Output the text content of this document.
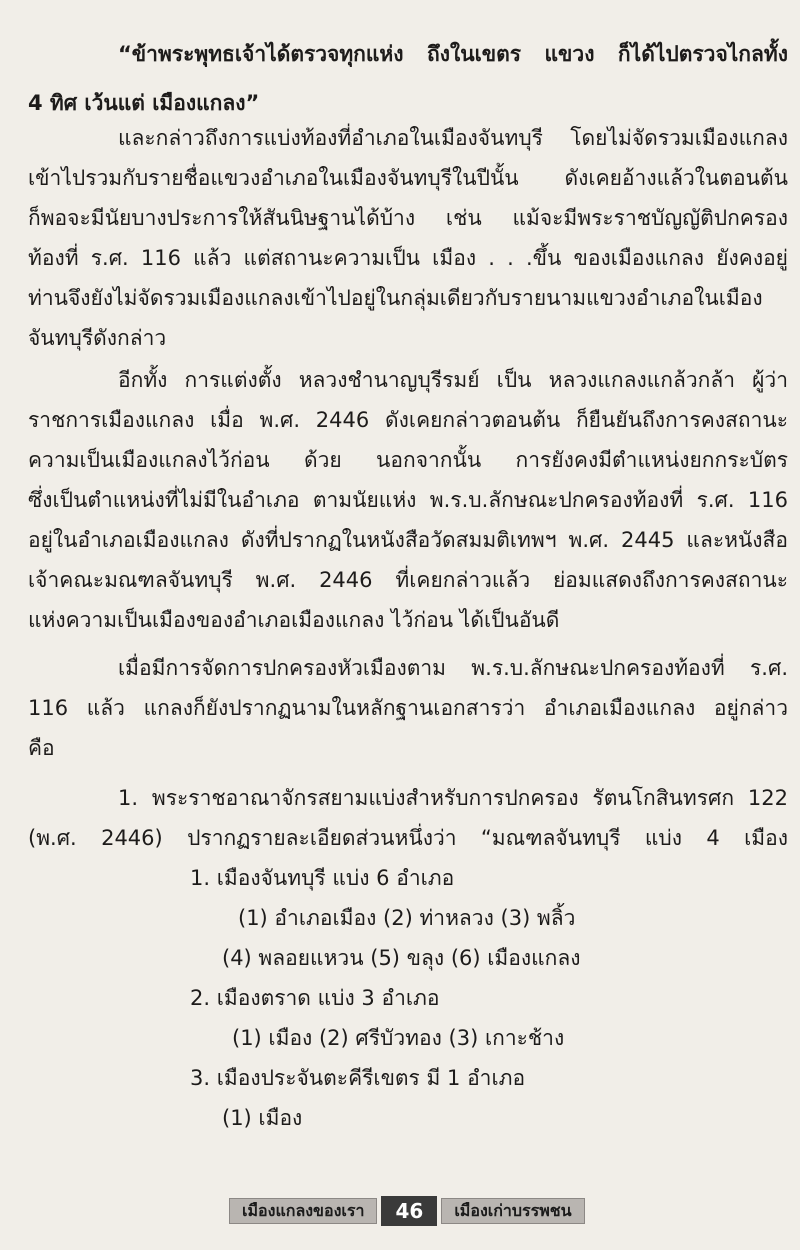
“ข้าพระพุทธเจ้าได้ตรวจทุกแห่ง ถึงในเขตร แขวง ก็ได้ไปตรวจไกลทั้ง
4 ทิศ เว้นแต่ เมืองแกลง”
และกล่าวถึงการแบ่งท้องที่อำเภอในเมืองจันทบุรี โดยไม่จัดรวมเมืองแกลง
เข้าไปรวมกับรายชื่อแขวงอำเภอในเมืองจันทบุรีในปีนั้น ดังเคยอ้างแล้วในตอนต้น
ก็พอจะมีนัยบางประการให้สันนิษฐานได้บ้าง เช่น แม้จะมีพระราชบัญญัติปกครอง
ท้องที่ ร.ศ. 116 แล้ว แต่สถานะความเป็น เมือง . . .ขึ้น ของเมืองแกลง ยังคงอยู่
ท่านจึงยังไม่จัดรวมเมืองแกลงเข้าไปอยู่ในกลุ่มเดียวกับรายนามแขวงอำเภอในเมือง
จันทบุรีดังกล่าว
อีกทั้ง การแต่งตั้ง หลวงชำนาญบุรีรมย์ เป็น หลวงแกลงแกล้วกล้า ผู้ว่า
ราชการเมืองแกลง เมื่อ พ.ศ. 2446 ดังเคยกล่าวตอนต้น ก็ยืนยันถึงการคงสถานะ
ความเป็นเมืองแกลงไว้ก่อน ด้วย นอกจากนั้น การยังคงมีตำแหน่งยกกระบัตร
ซึ่งเป็นตำแหน่งที่ไม่มีในอำเภอ ตามนัยแห่ง พ.ร.บ.ลักษณะปกครองท้องที่ ร.ศ. 116
อยู่ในอำเภอเมืองแกลง ดังที่ปรากฏในหนังสือวัดสมมติเทพฯ พ.ศ. 2445 และหนังสือ
เจ้าคณะมณฑลจันทบุรี พ.ศ. 2446 ที่เคยกล่าวแล้ว ย่อมแสดงถึงการคงสถานะ
แห่งความเป็นเมืองของอำเภอเมืองแกลง ไว้ก่อน ได้เป็นอันดี
เมื่อมีการจัดการปกครองหัวเมืองตาม พ.ร.บ.ลักษณะปกครองท้องที่ ร.ศ.
116 แล้ว แกลงก็ยังปรากฏนามในหลักฐานเอกสารว่า อำเภอเมืองแกลง อยู่กล่าว
คือ
1. พระราชอาณาจักรสยามแบ่งสำหรับการปกครอง รัตนโกสินทรศก 122
(พ.ศ. 2446) ปรากฏรายละเอียดส่วนหนึ่งว่า “มณฑลจันทบุรี แบ่ง 4 เมือง
1. เมืองจันทบุรี แบ่ง 6 อำเภอ
(1) อำเภอเมือง (2) ท่าหลวง (3) พลิ้ว
(4) พลอยแหวน (5) ขลุง (6) เมืองแกลง
2. เมืองตราด แบ่ง 3 อำเภอ
(1) เมือง (2) ศรีบัวทอง (3) เกาะช้าง
3. เมืองประจันตะคีรีเขตร มี 1 อำเภอ
(1) เมือง
เมืองแกลงของเรา	46	เมืองเก่าบรรพชน
